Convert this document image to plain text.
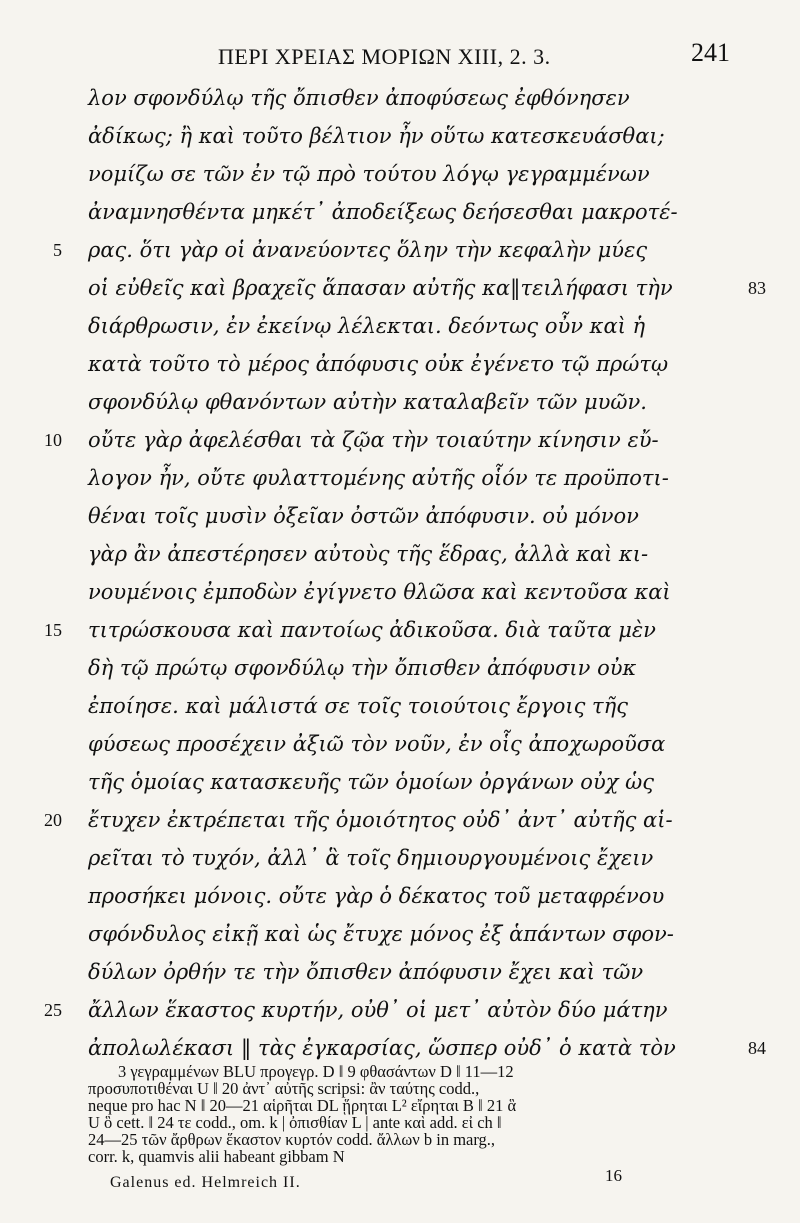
ΠΕΡΙ ΧΡΕΙΑΣ ΜΟΡΙΩΝ ΧΙΙΙ, 2. 3.	241
λον σφονδύλῳ τῆς ὄπισθεν ἀποφύσεως ἐφθόνησεν
ἀδίκως; ἢ καὶ τοῦτο βέλτιον ἦν οὕτω κατεσκευάσθαι;
νομίζω σε τῶν ἐν τῷ πρὸ τούτου λόγῳ γεγραμμένων
ἀναμνησθέντα μηκέτ᾽ ἀποδείξεως δεήσεσθαι μακροτέ-
ρας. ὅτι γὰρ οἱ ἀνανεύοντες ὅλην τὴν κεφαλὴν μύες
οἱ εὐθεῖς καὶ βραχεῖς ἅπασαν αὐτῆς κα‖τειλήφασι τὴν
διάρθρωσιν, ἐν ἐκείνῳ λέλεκται. δεόντως οὖν καὶ ἡ
κατὰ τοῦτο τὸ μέρος ἀπόφυσις οὐκ ἐγένετο τῷ πρώτῳ
σφονδύλῳ φθανόντων αὐτὴν καταλαβεῖν τῶν μυῶν.
οὔτε γὰρ ἀφελέσθαι τὰ ζῷα τὴν τοιαύτην κίνησιν εὔ-
λογον ἦν, οὔτε φυλαττομένης αὐτῆς οἷόν τε προϋποτι-
θέναι τοῖς μυσὶν ὀξεῖαν ὀστῶν ἀπόφυσιν. οὐ μόνον
γὰρ ἂν ἀπεστέρησεν αὐτοὺς τῆς ἕδρας, ἀλλὰ καὶ κι-
νουμένοις ἐμποδὼν ἐγίγνετο θλῶσα καὶ κεντοῦσα καὶ
τιτρώσκουσα καὶ παντοίως ἀδικοῦσα. διὰ ταῦτα μὲν
δὴ τῷ πρώτῳ σφονδύλῳ τὴν ὄπισθεν ἀπόφυσιν οὐκ
ἐποίησε. καὶ μάλιστά σε τοῖς τοιούτοις ἔργοις τῆς
φύσεως προσέχειν ἀξιῶ τὸν νοῦν, ἐν οἷς ἀποχωροῦσα
τῆς ὁμοίας κατασκευῆς τῶν ὁμοίων ὀργάνων οὐχ ὡς
ἔτυχεν ἐκτρέπεται τῆς ὁμοιότητος οὐδ᾽ ἀντ᾽ αὐτῆς αἱ-
ρεῖται τὸ τυχόν, ἀλλ᾽ ἃ τοῖς δημιουργουμένοις ἔχειν
προσήκει μόνοις. οὔτε γὰρ ὁ δέκατος τοῦ μεταφρένου
σφόνδυλος εἰκῇ καὶ ὡς ἔτυχε μόνος ἐξ ἁπάντων σφον-
δύλων ὀρθήν τε τὴν ὄπισθεν ἀπόφυσιν ἔχει καὶ τῶν
ἄλλων ἕκαστος κυρτήν, οὐθ᾽ οἱ μετ᾽ αὐτὸν δύο μάτην
ἀπολωλέκασι ‖ τὰς ἐγκαρσίας, ὥσπερ οὐδ᾽ ὁ κατὰ τὸν
5
10
15
20
25
83
84
3 γεγραμμένων BLU προγεγρ. D ‖ 9 φθασάντων D ‖ 11—12
προσυποτιθέναι U ‖ 20 ἀντ᾽ αὐτῆς scripsi: ἂν ταύτης codd.,
neque pro hac N ‖ 20—21 αἱρῆται DL ᾕρηται L² εἴρηται B ‖ 21 ἃ
U ὃ cett. ‖ 24 τε codd., om. k | ὀπισθίαν L | ante καὶ add. εἰ ch ‖
24—25 τῶν ἄρθρων ἕκαστον κυρτόν codd. ἄλλων b in marg.,
corr. k, quamvis alii habeant gibbam N
Galenus ed. Helmreich II.	16
